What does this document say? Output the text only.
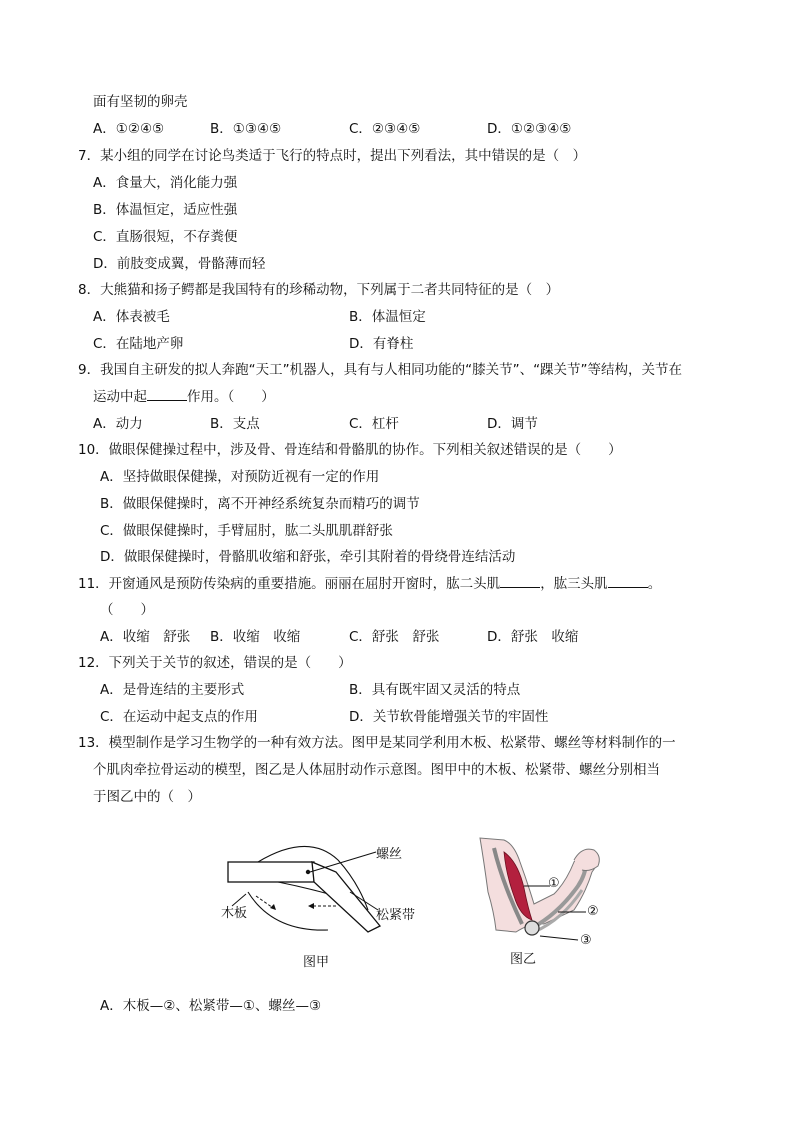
面有坚韧的卵壳
A．①②④⑤	B．①③④⑤	C．②③④⑤	D．①②③④⑤
7．某小组的同学在讨论鸟类适于飞行的特点时，提出下列看法，其中错误的是（　）
A．食量大，消化能力强
B．体温恒定，适应性强
C．直肠很短，不存粪便
D．前肢变成翼，骨骼薄而轻
8．大熊猫和扬子鳄都是我国特有的珍稀动物，下列属于二者共同特征的是（　）
A．体表被毛	B．体温恒定
C．在陆地产卵	D．有脊柱
9．我国自主研发的拟人奔跑“天工”机器人，具有与人相同功能的“膝关节”、“踝关节”等结构，关节在
运动中起	作用。（　　）
A．动力	B．支点	C．杠杆	D．调节
10．做眼保健操过程中，涉及骨、骨连结和骨骼肌的协作。下列相关叙述错误的是（　　）
A．坚持做眼保健操，对预防近视有一定的作用
B．做眼保健操时，离不开神经系统复杂而精巧的调节
C．做眼保健操时，手臂屈肘，肱二头肌肌群舒张
D．做眼保健操时，骨骼肌收缩和舒张，牵引其附着的骨绕骨连结活动
11．开窗通风是预防传染病的重要措施。丽丽在屈肘开窗时，肱二头肌	，肱三头肌	。
（　　）
A．收缩　舒张 B．收缩　收缩	C．舒张　舒张	D．舒张　收缩
12．下列关于关节的叙述，错误的是（　　）
A．是骨连结的主要形式	B．具有既牢固又灵活的特点
C．在运动中起支点的作用	D．关节软骨能增强关节的牢固性
13．模型制作是学习生物学的一种有效方法。图甲是某同学利用木板、松紧带、螺丝等材料制作的一
个肌肉牵拉骨运动的模型，图乙是人体屈肘动作示意图。图甲中的木板、松紧带、螺丝分别相当
于图乙中的（　）
螺丝
木板	松紧带
图甲
①
②
③
图乙
A．木板—②、松紧带—①、螺丝—③
